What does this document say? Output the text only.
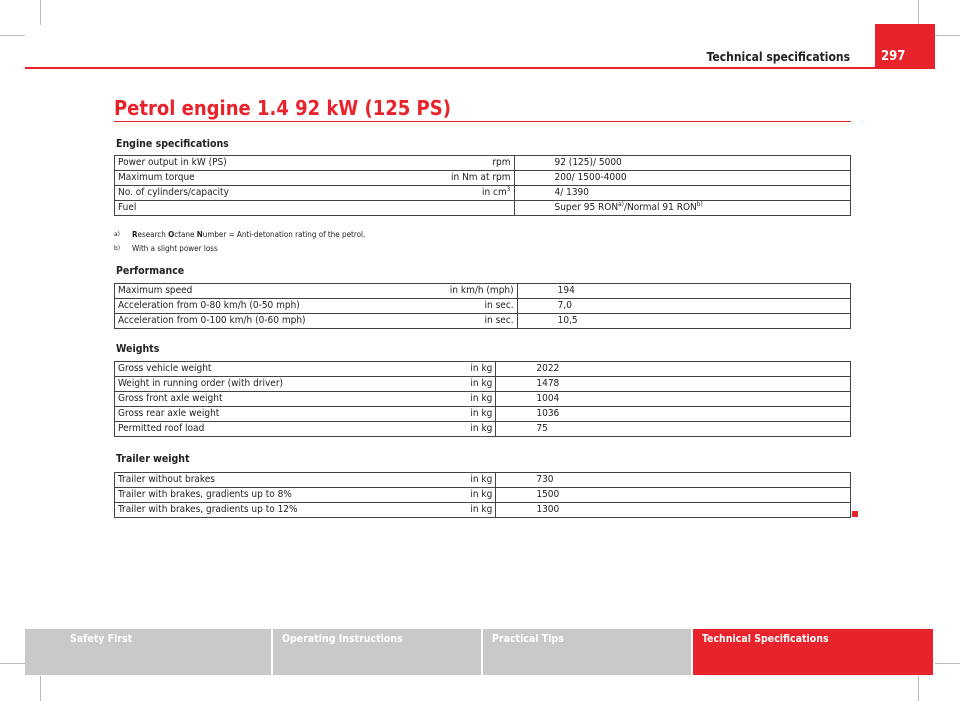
Technical specifications	297
Petrol engine 1.4 92 kW (125 PS)
Engine specifications
Power output in kW (PS)	rpm	92 (125)/ 5000
Maximum torque	in Nm at rpm	200/ 1500-4000
No. of cylinders/capacity	in $cm^3$	4/ 1390
Fuel		Super 95 RON$^{a)}$/Normal 91 RON$^{b)}$
a) Research Octane Number = Anti-detonation rating of the petrol.
b) With a slight power loss
Performance
Maximum speed	in km/h (mph)	194
Acceleration from 0-80 km/h (0-50 mph)	in sec.	7,0
Acceleration from 0-100 km/h (0-60 mph)	in sec.	10,5
Weights
Gross vehicle weight	in kg	2022
Weight in running order (with driver)	in kg	1478
Gross front axle weight	in kg	1004
Gross rear axle weight	in kg	1036
Permitted roof load	in kg	75
Trailer weight
Trailer without brakes	in kg	730
Trailer with brakes, gradients up to 8%	in kg	1500
Trailer with brakes, gradients up to 12%	in kg	1300
Safety First	Operating Instructions	Practical Tips	Technical Specifications
